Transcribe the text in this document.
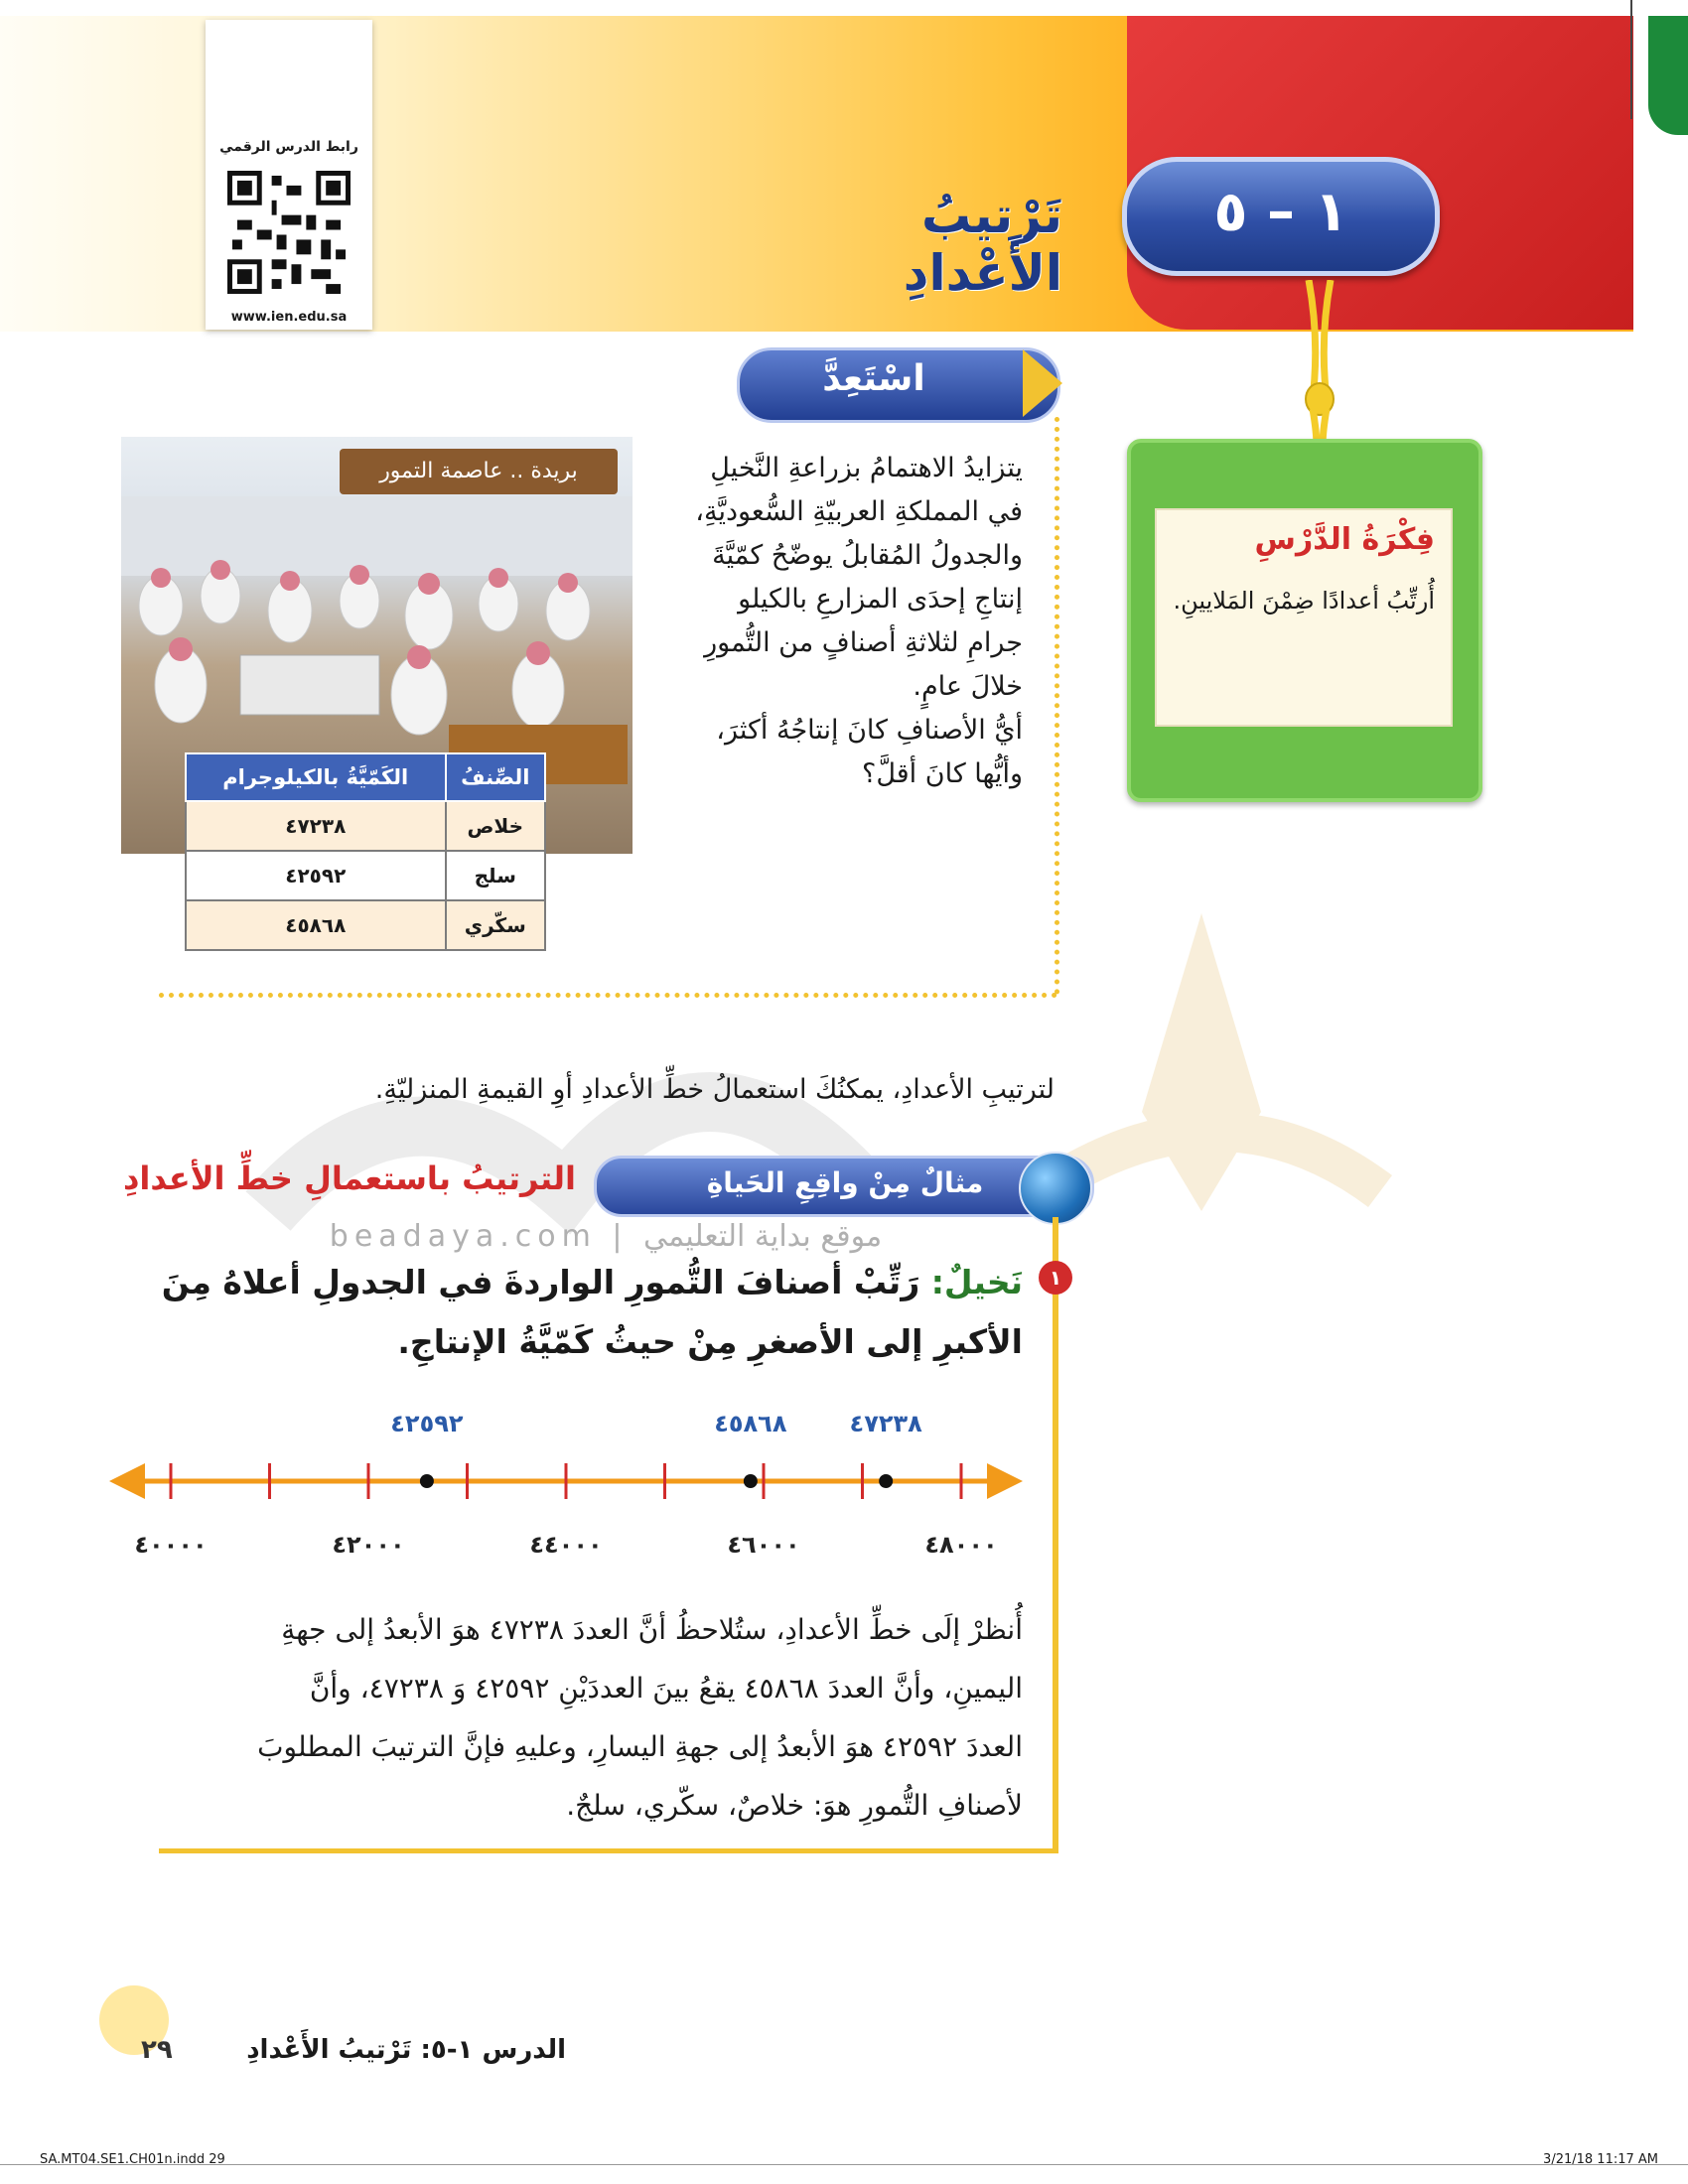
رابط الدرس الرقمي
www.ien.edu.sa
١ – ٥
تَرْتيبُ الأَعْدادِ
فِكْرَةُ الدَّرْسِ
أُرتِّبُ أعدادًا ضِمْنَ المَلايينِ.
اسْتَعِدَّ
يتزايدُ الاهتمامُ بزراعةِ النَّخيلِ
في المملكةِ العربيّةِ السُّعوديَّةِ،
والجدولُ المُقابلُ يوضّحُ كمّيَّةَ
إنتاجِ إحدَى المزارعِ بالكيلو
جرامِ لثلاثةِ أصنافٍ من التُّمورِ
خلالَ عامٍ.
أيُّ الأصنافِ كانَ إنتاجُهُ أكثرَ،
وأيُّها كانَ أقلَّ؟
بريدة .. عاصمة التمور
الصِّنفُ	الكَمّيَّةُ بالكيلوجرام
خلاص	٤٧٢٣٨
سلج	٤٢٥٩٢
سكّري	٤٥٨٦٨
beadaya.com | موقع بداية التعليمي
لترتيبِ الأعدادِ، يمكنُكَ استعمالُ خطِّ الأعدادِ أوِ القيمةِ المنزليّةِ.
مثالٌ مِنْ واقِعِ الحَياةِ
الترتيبُ باستعمالِ خطِّ الأعدادِ
١
نَخيلٌ: رَتِّبْ أصنافَ التُّمورِ الواردةَ في الجدولِ أعلاهُ مِنَ الأكبرِ إلى الأصغرِ مِنْ حيثُ كَمّيَّةُ الإنتاجِ.
٤٠٠٠٠	٤٢٠٠٠	٤٤٠٠٠	٤٦٠٠٠	٤٨٠٠٠
٤٢٥٩٢	٤٥٨٦٨	٤٧٢٣٨
أُنظرْ إلَى خطِّ الأعدادِ، ستُلاحظُ أنَّ العددَ ٤٧٢٣٨ هوَ الأبعدُ إلى جهةِ
اليمينِ، وأنَّ العددَ ٤٥٨٦٨ يقعُ بينَ العددَيْنِ ٤٢٥٩٢ وَ ٤٧٢٣٨، وأنَّ
العددَ ٤٢٥٩٢ هوَ الأبعدُ إلى جهةِ اليسارِ، وعليهِ فإنَّ الترتيبَ المطلوبَ
لأصنافِ التُّمورِ هوَ: خلاصٌ، سكّري، سلجٌ.
الدرس ١-٥: تَرْتيبُ الأَعْدادِ
٢٩
SA.MT04.SE1.CH01n.indd 29	3/21/18 11:17 AM
